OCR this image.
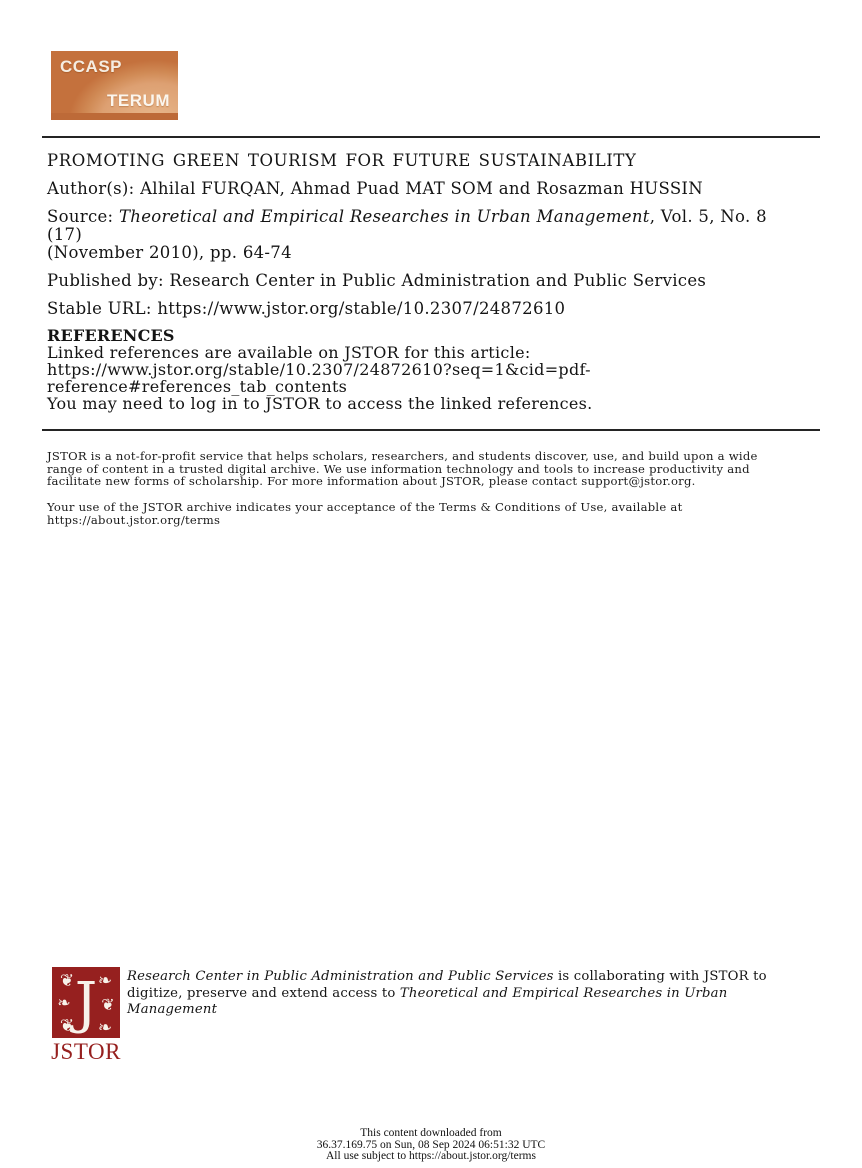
CCASP
TERUM
PROMOTING GREEN TOURISM FOR FUTURE SUSTAINABILITY
Author(s): Alhilal FURQAN, Ahmad Puad MAT SOM and Rosazman HUSSIN
Source: Theoretical and Empirical Researches in Urban Management, Vol. 5, No. 8 (17)
(November 2010), pp. 64-74
Published by: Research Center in Public Administration and Public Services
Stable URL: https://www.jstor.org/stable/10.2307/24872610
REFERENCES
Linked references are available on JSTOR for this article:
https://www.jstor.org/stable/10.2307/24872610?seq=1&cid=pdf-
reference#references_tab_contents
You may need to log in to JSTOR to access the linked references.
JSTOR is a not-for-profit service that helps scholars, researchers, and students discover, use, and build upon a wide
range of content in a trusted digital archive. We use information technology and tools to increase productivity and
facilitate new forms of scholarship. For more information about JSTOR, please contact support@jstor.org.
Your use of the JSTOR archive indicates your acceptance of the Terms & Conditions of Use, available at
https://about.jstor.org/terms
❦ ❧
❧ ❦
❦ ❧
J
JSTOR
Research Center in Public Administration and Public Services is collaborating with JSTOR to
digitize, preserve and extend access to Theoretical and Empirical Researches in Urban Management
This content downloaded from
36.37.169.75 on Sun, 08 Sep 2024 06:51:32 UTC
All use subject to https://about.jstor.org/terms
